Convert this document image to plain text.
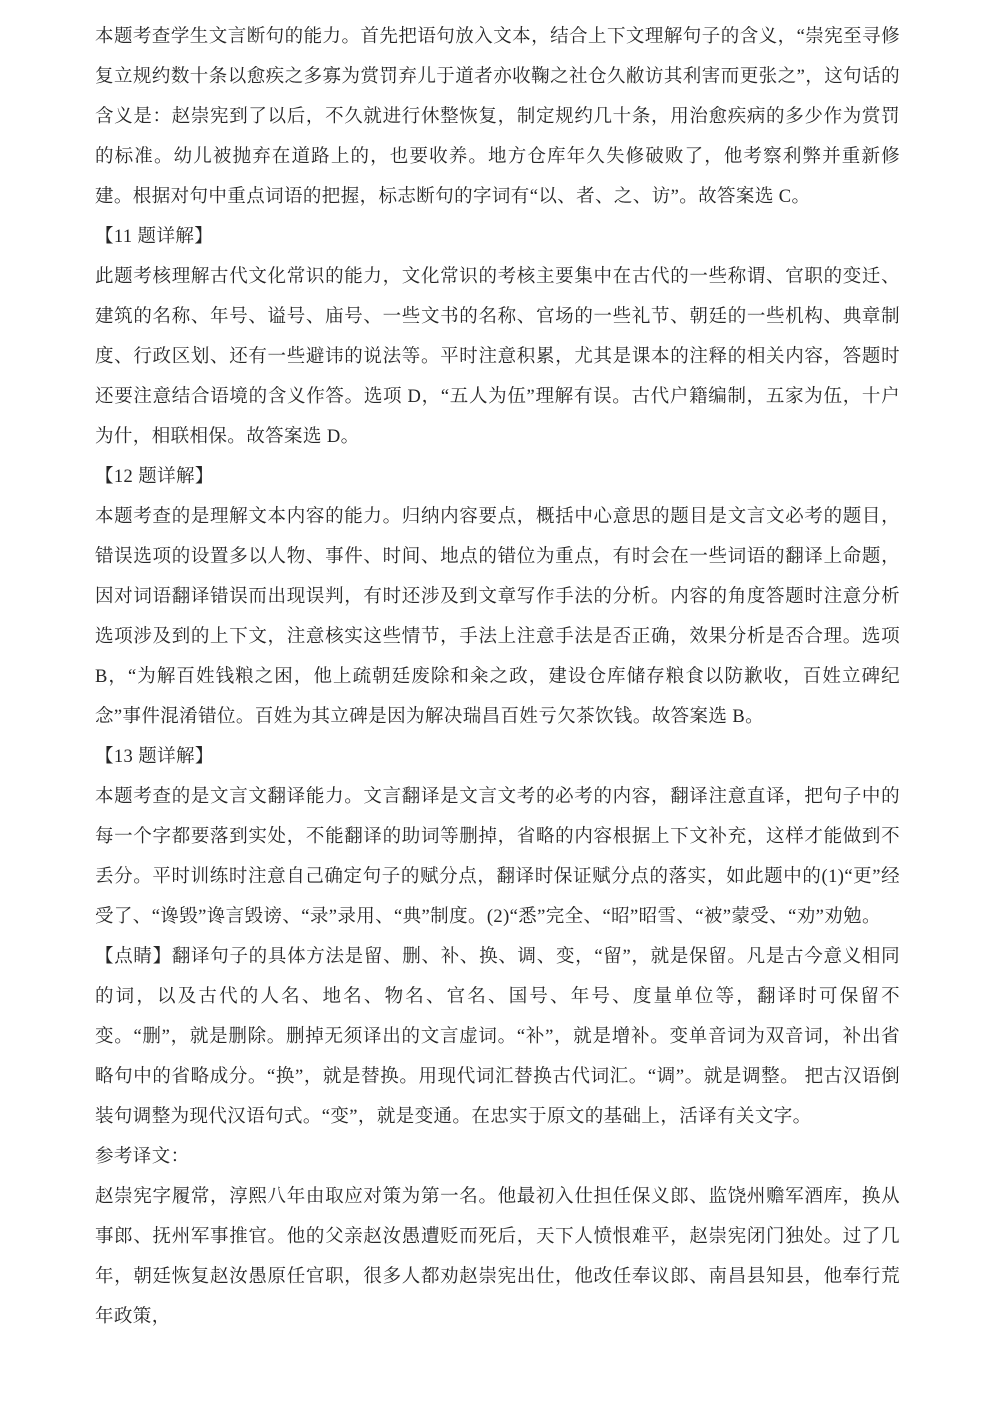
本题考查学生文言断句的能力。首先把语句放入文本，结合上下文理解句子的含义，“崇宪至寻修复立规约数十条以愈疾之多寡为赏罚弃儿于道者亦收鞠之社仓久敝访其利害而更张之”，这句话的含义是：赵崇宪到了以后，不久就进行休整恢复，制定规约几十条，用治愈疾病的多少作为赏罚的标准。幼儿被抛弃在道路上的，也要收养。地方仓库年久失修破败了，他考察利弊并重新修建。根据对句中重点词语的把握，标志断句的字词有“以、者、之、访”。故答案选 C。

【11 题详解】

此题考核理解古代文化常识的能力，文化常识的考核主要集中在古代的一些称谓、官职的变迁、建筑的名称、年号、谥号、庙号、一些文书的名称、官场的一些礼节、朝廷的一些机构、典章制度、行政区划、还有一些避讳的说法等。平时注意积累，尤其是课本的注释的相关内容，答题时还要注意结合语境的含义作答。选项 D，“五人为伍”理解有误。古代户籍编制，五家为伍，十户为什，相联相保。故答案选 D。

【12 题详解】

本题考查的是理解文本内容的能力。归纳内容要点，概括中心意思的题目是文言文必考的题目，错误选项的设置多以人物、事件、时间、地点的错位为重点，有时会在一些词语的翻译上命题，因对词语翻译错误而出现误判，有时还涉及到文章写作手法的分析。内容的角度答题时注意分析选项涉及到的上下文，注意核实这些情节，手法上注意手法是否正确，效果分析是否合理。选项 B，“为解百姓钱粮之困，他上疏朝廷废除和籴之政，建设仓库储存粮食以防歉收，百姓立碑纪念”事件混淆错位。百姓为其立碑是因为解决瑞昌百姓亏欠茶饮钱。故答案选 B。

【13 题详解】

本题考查的是文言文翻译能力。文言翻译是文言文考的必考的内容，翻译注意直译，把句子中的每一个字都要落到实处，不能翻译的助词等删掉，省略的内容根据上下文补充，这样才能做到不丢分。平时训练时注意自己确定句子的赋分点，翻译时保证赋分点的落实，如此题中的(1)“更”经受了、“谗毁”谗言毁谤、“录”录用、“典”制度。(2)“悉”完全、“昭”昭雪、“被”蒙受、“劝”劝勉。

【点睛】翻译句子的具体方法是留、删、补、换、调、变，“留”，就是保留。凡是古今意义相同的词，以及古代的人名、地名、物名、官名、国号、年号、度量单位等，翻译时可保留不变。“删”，就是删除。删掉无须译出的文言虚词。“补”，就是增补。变单音词为双音词，补出省略句中的省略成分。“换”，就是替换。用现代词汇替换古代词汇。“调”。就是调整。 把古汉语倒装句调整为现代汉语句式。“变”，就是变通。在忠实于原文的基础上，活译有关文字。

参考译文：

赵崇宪字履常，淳熙八年由取应对策为第一名。他最初入仕担任保义郎、监饶州赡军酒库，换从事郎、抚州军事推官。他的父亲赵汝愚遭贬而死后，天下人愤恨难平，赵崇宪闭门独处。过了几年，朝廷恢复赵汝愚原任官职，很多人都劝赵崇宪出仕，他改任奉议郎、南昌县知县，他奉行荒年政策，
